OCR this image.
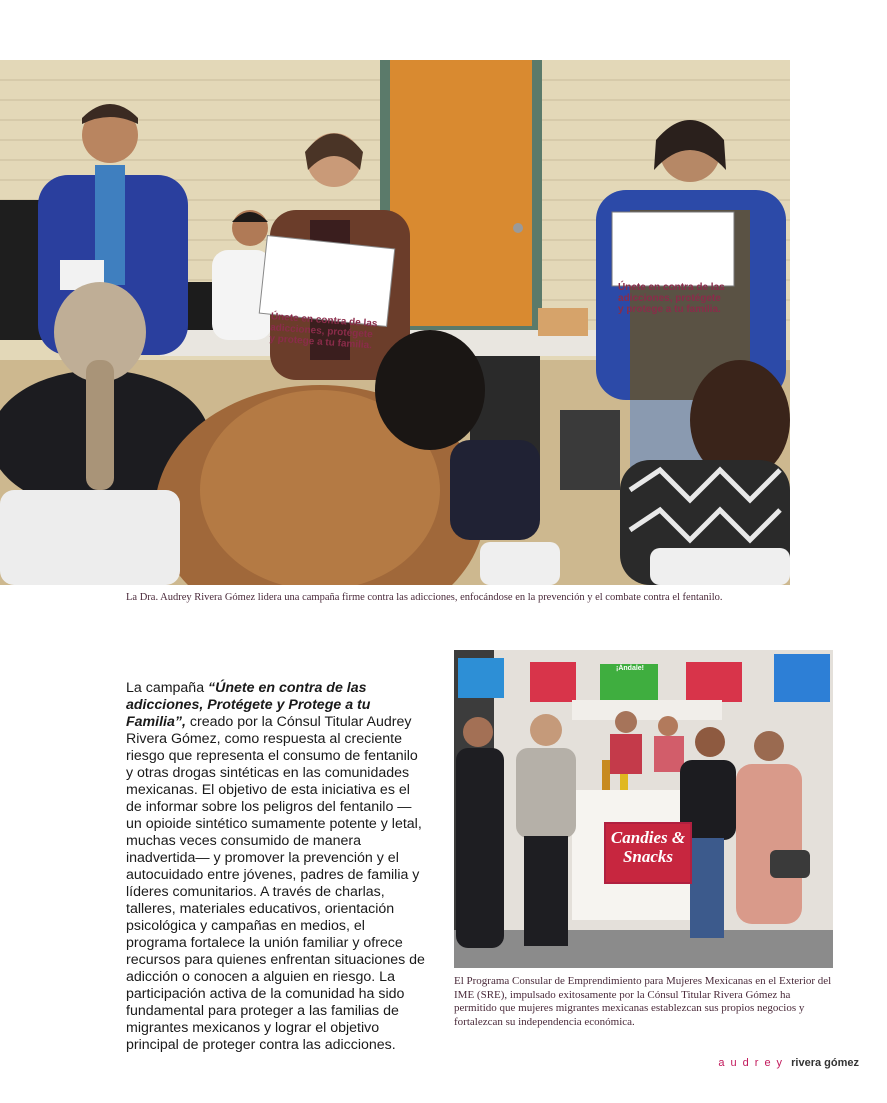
Únete en contra de las adicciones, protégete y protege a tu familia.
Únete en contra de las adicciones, protégete y protege a tu familia.

La Dra. Audrey Rivera Gómez lidera una campaña firme contra las adicciones, enfocándose en la prevención y el combate contra el fentanilo.

La campaña “Únete en contra de las adicciones, Protégete y Protege a tu Familia”, creado por la Cónsul Titular Audrey Rivera Gómez, como respuesta al creciente riesgo que representa el consumo de fentanilo y otras drogas sintéticas en las comunidades mexicanas. El objetivo de esta iniciativa es el de informar sobre los peligros del fentanilo —un opioide sintético sumamente potente y letal, muchas veces consumido de manera inadvertida— y promover la prevención y el autocuidado entre jóvenes, padres de familia y líderes comunitarios. A través de charlas, talleres, materiales educativos, orientación psicológica y campañas en medios, el programa fortalece la unión familiar y ofrece recursos para quienes enfrentan situaciones de adicción o conocen a alguien en riesgo. La participación activa de la comunidad ha sido fundamental para proteger a las familias de migrantes mexicanos y lograr el objetivo principal de proteger contra las adicciones.

¡Ándale!
Candies & Snacks

El Programa Consular de Emprendimiento para Mujeres Mexicanas en el Exterior del IME (SRE), impulsado exitosamente por la Cónsul Titular Rivera Gómez ha permitido que mujeres migrantes mexicanas establezcan sus propios negocios y fortalezcan su independencia económica.

audrey rivera gómez
